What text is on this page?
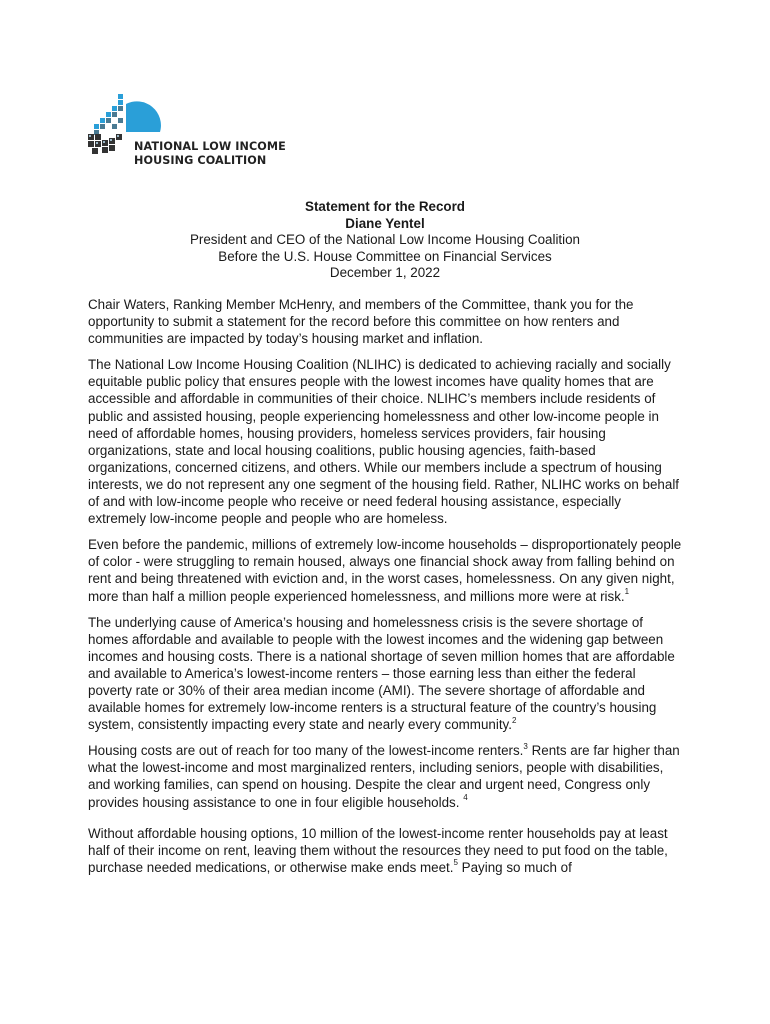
NATIONAL LOW INCOME
HOUSING COALITION
Statement for the Record
Diane Yentel
President and CEO of the National Low Income Housing Coalition
Before the U.S. House Committee on Financial Services
December 1, 2022

Chair Waters, Ranking Member McHenry, and members of the Committee, thank you for the opportunity to submit a statement for the record before this committee on how renters and communities are impacted by today’s housing market and inflation.

The National Low Income Housing Coalition (NLIHC) is dedicated to achieving racially and socially equitable public policy that ensures people with the lowest incomes have quality homes that are accessible and affordable in communities of their choice. NLIHC’s members include residents of public and assisted housing, people experiencing homelessness and other low-income people in need of affordable homes, housing providers, homeless services providers, fair housing organizations, state and local housing coalitions, public housing agencies, faith-based organizations, concerned citizens, and others. While our members include a spectrum of housing interests, we do not represent any one segment of the housing field. Rather, NLIHC works on behalf of and with low-income people who receive or need federal housing assistance, especially extremely low-income people and people who are homeless.

Even before the pandemic, millions of extremely low-income households – disproportionately people of color - were struggling to remain housed, always one financial shock away from falling behind on rent and being threatened with eviction and, in the worst cases, homelessness. On any given night, more than half a million people experienced homelessness, and millions more were at risk.$^1$

The underlying cause of America’s housing and homelessness crisis is the severe shortage of homes affordable and available to people with the lowest incomes and the widening gap between incomes and housing costs. There is a national shortage of seven million homes that are affordable and available to America’s lowest-income renters – those earning less than either the federal poverty rate or 30% of their area median income (AMI). The severe shortage of affordable and available homes for extremely low-income renters is a structural feature of the country’s housing system, consistently impacting every state and nearly every community.$^2$

Housing costs are out of reach for too many of the lowest-income renters.$^3$ Rents are far higher than what the lowest-income and most marginalized renters, including seniors, people with disabilities, and working families, can spend on housing. Despite the clear and urgent need, Congress only provides housing assistance to one in four eligible households. $^4$

Without affordable housing options, 10 million of the lowest-income renter households pay at least half of their income on rent, leaving them without the resources they need to put food on the table, purchase needed medications, or otherwise make ends meet.$^5$ Paying so much of
